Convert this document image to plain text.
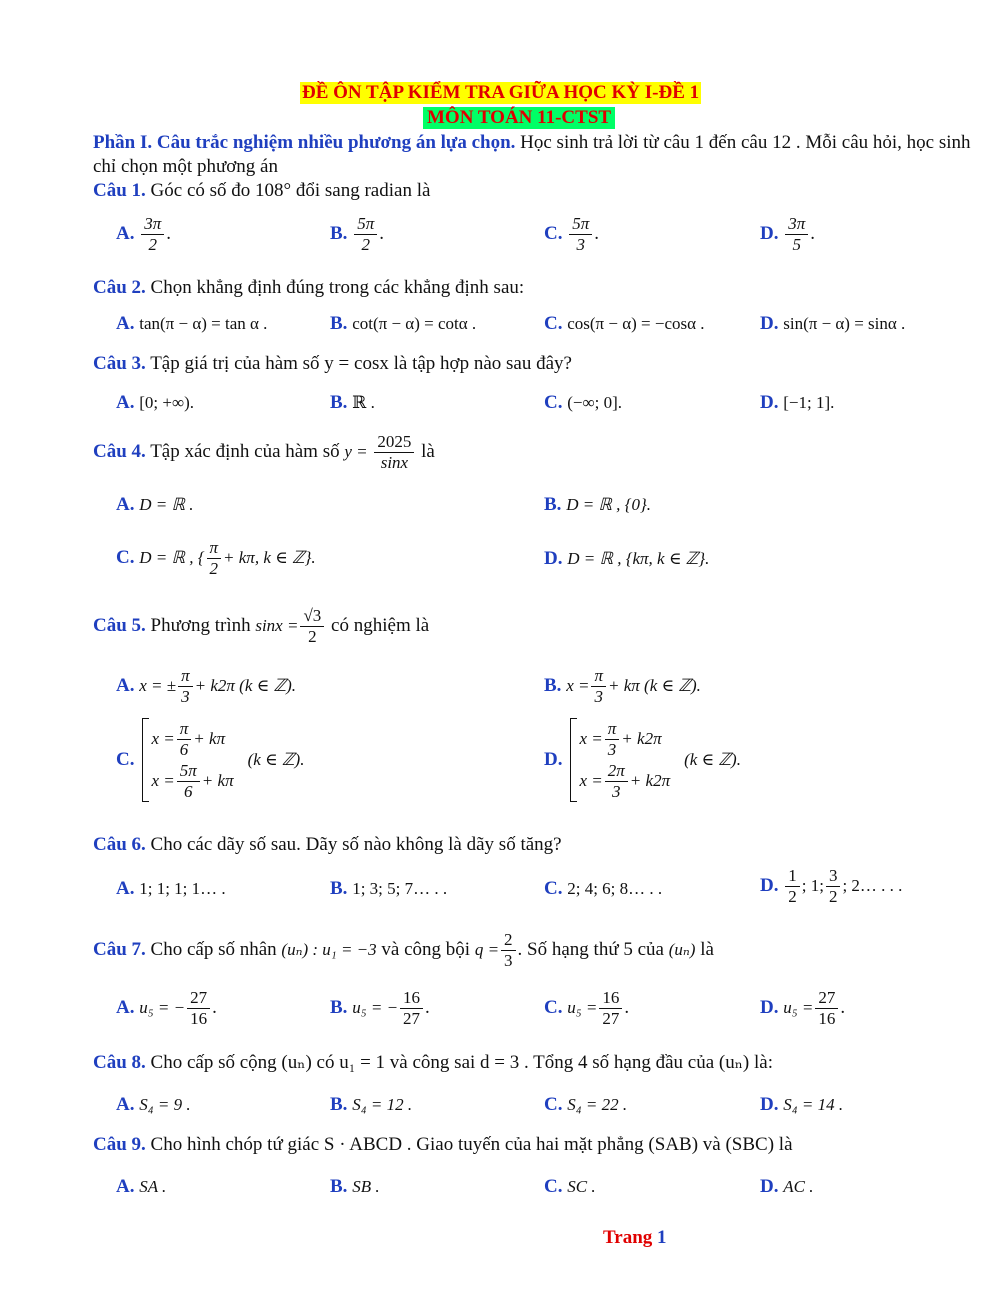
ĐỀ ÔN TẬP KIỂM TRA GIỮA HỌC KỲ I-ĐỀ 1
MÔN TOÁN 11-CTST
Phần I. Câu trắc nghiệm nhiều phương án lựa chọn. Học sinh trả lời từ câu 1 đến câu 12 . Mỗi câu hỏi, học sinh chỉ chọn một phương án
Câu 1. Góc có số đo 108° đổi sang radian là
A. $\frac{3\pi}{2}$ .	B. $\frac{5\pi}{2}$ .	C. $\frac{5\pi}{3}$ .	D. $\frac{3\pi}{5}$ .
Câu 2. Chọn khẳng định đúng trong các khẳng định sau:
A. tan(π − α) = tan α .	B. cot(π − α) = cotα .	C. cos(π − α) = −cosα .	D. sin(π − α) = sinα .
Câu 3. Tập giá trị của hàm số y = cosx là tập hợp nào sau đây?
A. [0; +∞).	B. ℝ .	C. (−∞; 0].	D. [−1; 1].
Câu 4. Tập xác định của hàm số $y = \frac{2025}{\sin x}$ là
A. D = ℝ .	B. D = ℝ , {0}.
C. D = ℝ , { $\frac{\pi}{2} + k\pi$, k ∈ ℤ}.	D. D = ℝ , {kπ, k ∈ ℤ}.
Câu 5. Phương trình $\sin x = \frac{√3}{2}$ có nghiệm là
A. x = ± $\frac{\pi}{3} + k2\pi$ (k ∈ ℤ).	B. $x = \frac{\pi}{3} + k\pi$ (k ∈ ℤ).
C.
$x = \frac{\pi}{6} + k\pi$
$x = \frac{5\pi}{6} + k\pi$
(k ∈ ℤ).	D.
$x = \frac{\pi}{3} + k2\pi$
$x = \frac{2\pi}{3} + k2\pi$
(k ∈ ℤ).
Câu 6. Cho các dãy số sau. Dãy số nào không là dãy số tăng?
A. 1; 1; 1; 1… .	B. 1; 3; 5; 7… . .	C. 2; 4; 6; 8… . .	D. $\frac{1}{2}$ ; 1; $\frac{3}{2}$ ; 2… . . .
Câu 7. Cho cấp số nhân (uₙ) : u₁ = −3 và công bội $q = \frac{2}{3}$ . Số hạng thứ 5 của (uₙ) là
A. u₅ = − $\frac{27}{16}$ .	B. u₅ = − $\frac{16}{27}$ .	C. $u_5 = \frac{16}{27}$ .	D. $u_5 = \frac{27}{16}$ .
Câu 8. Cho cấp số cộng (uₙ) có u₁ = 1 và công sai d = 3 . Tổng 4 số hạng đầu của (uₙ) là:
A. S₄ = 9 .	B. S₄ = 12 .	C. S₄ = 22 .	D. S₄ = 14 .
Câu 9. Cho hình chóp tứ giác S · ABCD . Giao tuyến của hai mặt phẳng (SAB) và (SBC) là
A. SA .	B. SB .	C. SC .	D. AC .
Trang 1
